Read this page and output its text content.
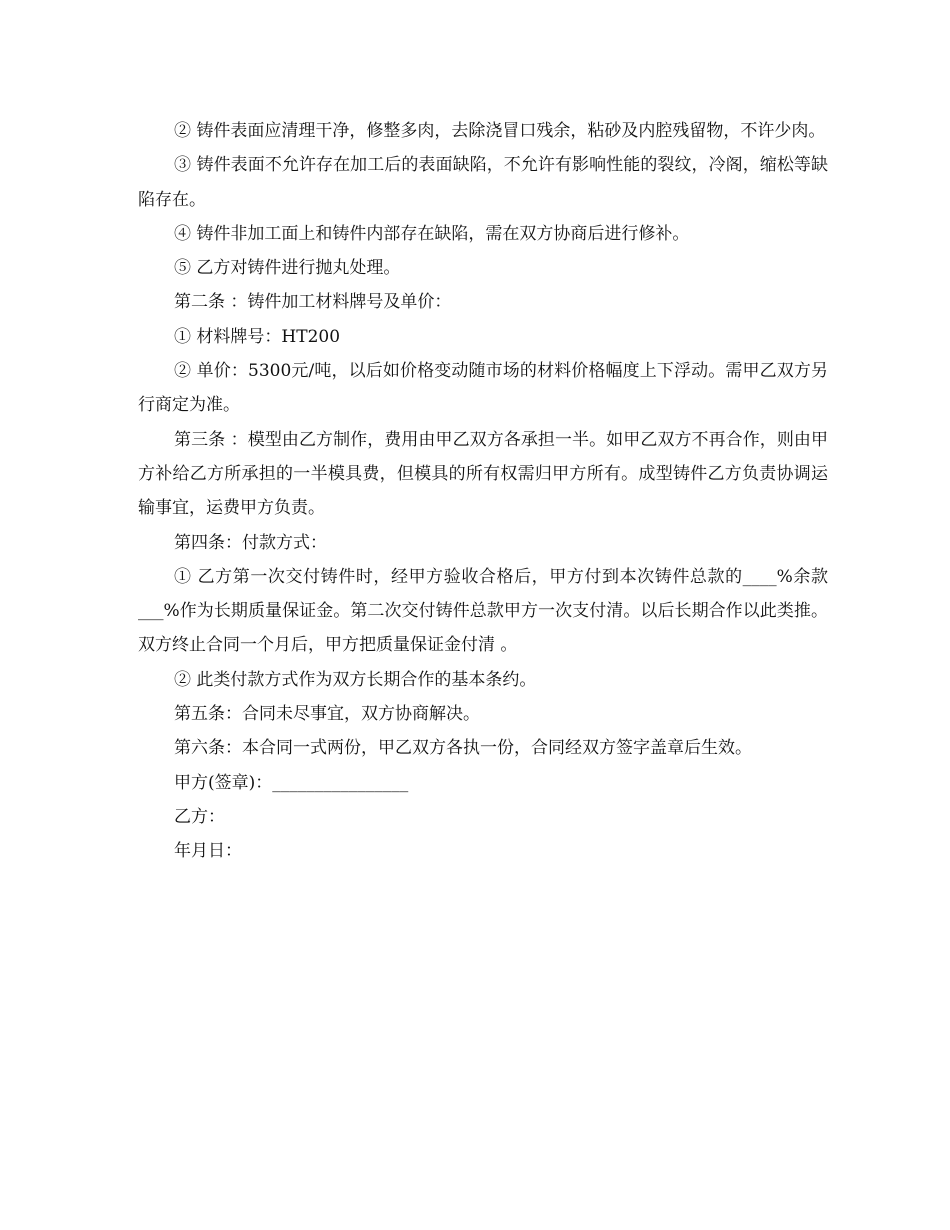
② 铸件表面应清理干净，修整多肉，去除浇冒口残余，粘砂及内腔残留物，不许少肉。

③ 铸件表面不允许存在加工后的表面缺陷，不允许有影响性能的裂纹，冷阁，缩松等缺陷存在。

④ 铸件非加工面上和铸件内部存在缺陷，需在双方协商后进行修补。

⑤ 乙方对铸件进行抛丸处理。

第二条 ：铸件加工材料牌号及单价：

① 材料牌号：HT200

② 单价：5300元/吨，以后如价格变动随市场的材料价格幅度上下浮动。需甲乙双方另行商定为准。

第三条 ：模型由乙方制作，费用由甲乙双方各承担一半。如甲乙双方不再合作，则由甲方补给乙方所承担的一半模具费，但模具的所有权需归甲方所有。成型铸件乙方负责协调运输事宜，运费甲方负责。

第四条：付款方式：

① 乙方第一次交付铸件时，经甲方验收合格后，甲方付到本次铸件总款的____%余款___%作为长期质量保证金。第二次交付铸件总款甲方一次支付清。以后长期合作以此类推。双方终止合同一个月后，甲方把质量保证金付清 。

② 此类付款方式作为双方长期合作的基本条约。

第五条：合同未尽事宜，双方协商解决。

第六条：本合同一式两份，甲乙双方各执一份，合同经双方签字盖章后生效。

甲方(签章)：________________

乙方：

年月日：
